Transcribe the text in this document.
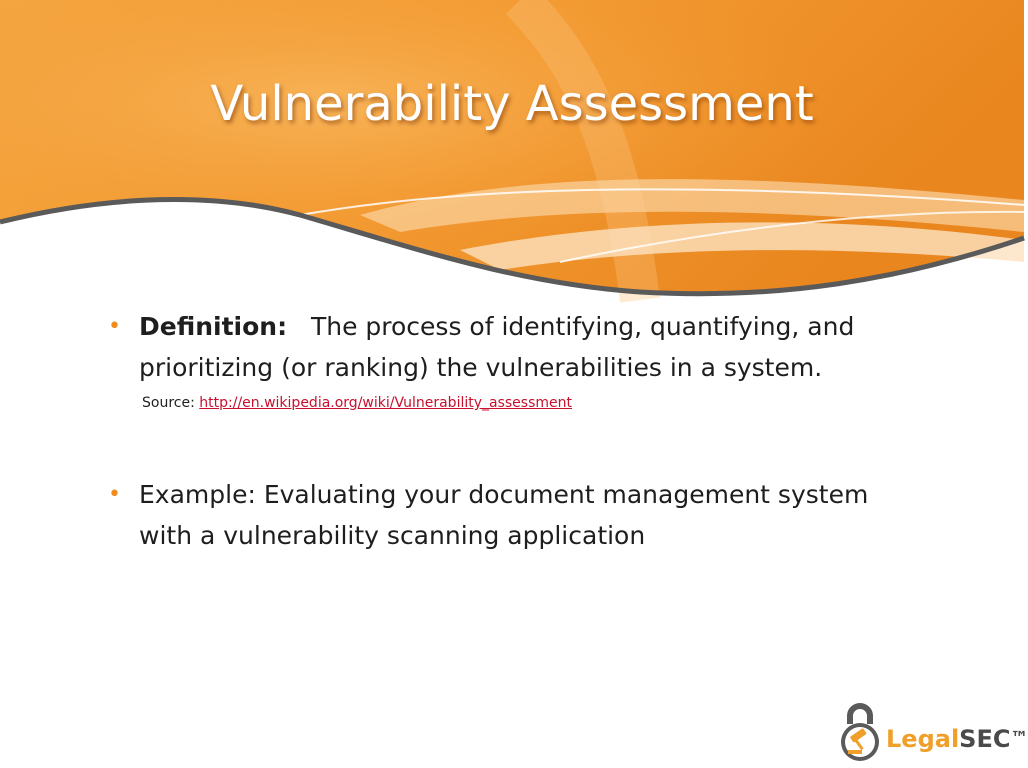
Vulnerability Assessment
• Definition: The process of identifying, quantifying, and prioritizing (or ranking) the vulnerabilities in a system.
Source: http://en.wikipedia.org/wiki/Vulnerability_assessment
• Example: Evaluating your document management system with a vulnerability scanning application
LegalSEC™
